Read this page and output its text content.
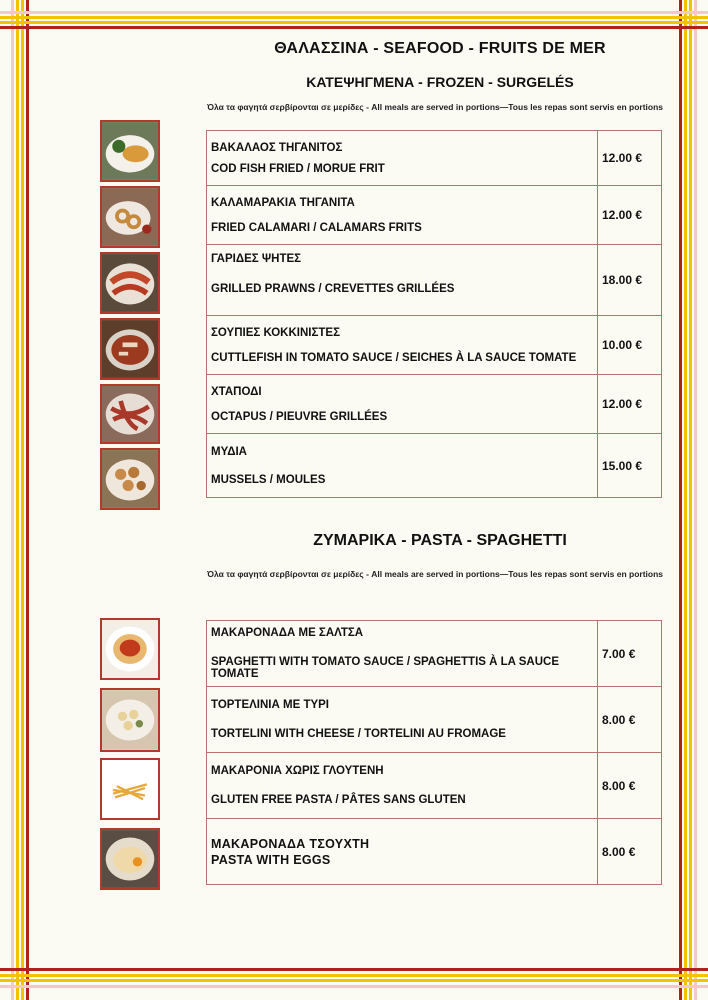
ΘΑΛΑΣΣΙΝΑ - SEAFOOD - FRUITS DE MER
ΚΑΤΕΨΗΓΜΕΝΑ - FROZEN - SURGELÉS

Όλα τα φαγητά σερβίρονται σε μερίδες - All meals are served in portions—Tous les repas sont servis en portions

ΒΑΚΑΛΑΟΣ ΤΗΓΑΝΙΤΟΣ
COD FISH FRIED / MORUE FRIT	12.00 €

ΚΑΛΑΜΑΡΑΚΙΑ ΤΗΓΑΝΙΤΑ
FRIED CALAMARI / CALAMARS FRITS	12.00 €

ΓΑΡΙΔΕΣ ΨΗΤΕΣ
GRILLED PRAWNS / CREVETTES GRILLÉES	18.00 €

ΣΟΥΠΙΕΣ ΚΟΚΚΙΝΙΣΤΕΣ
CUTTLEFISH IN TOMATO SAUCE / SEICHES À LA SAUCE TOMATE	10.00 €

ΧΤΑΠΟΔΙ
OCTAPUS / PIEUVRE GRILLÉES	12.00 €

ΜΥΔΙΑ
MUSSELS / MOULES	15.00 €
ΖΥΜΑΡΙΚΑ - PASTA - SPAGHETTI

Όλα τα φαγητά σερβίρονται σε μερίδες - All meals are served in portions—Tous les repas sont servis en portions

ΜΑΚΑΡΟΝΑΔΑ ΜΕ ΣΑΛΤΣΑ
SPAGHETTI WITH TOMATO SAUCE / SPAGHETTIS À LA SAUCE TOMATE	7.00 €

ΤΟΡΤΕΛΙΝΙΑ ΜΕ ΤΥΡΙ
TORTELINI WITH CHEESE / TORTELINI AU FROMAGE	8.00 €

ΜΑΚΑΡΟΝΙΑ ΧΩΡΙΣ ΓΛΟΥΤΕΝΗ
GLUTEN FREE PASTA / PÂTES SANS GLUTEN	8.00 €

ΜΑΚΑΡΟΝΑΔΑ ΤΣΟΥΧΤΗ
PASTA WITH EGGS	8.00 €
